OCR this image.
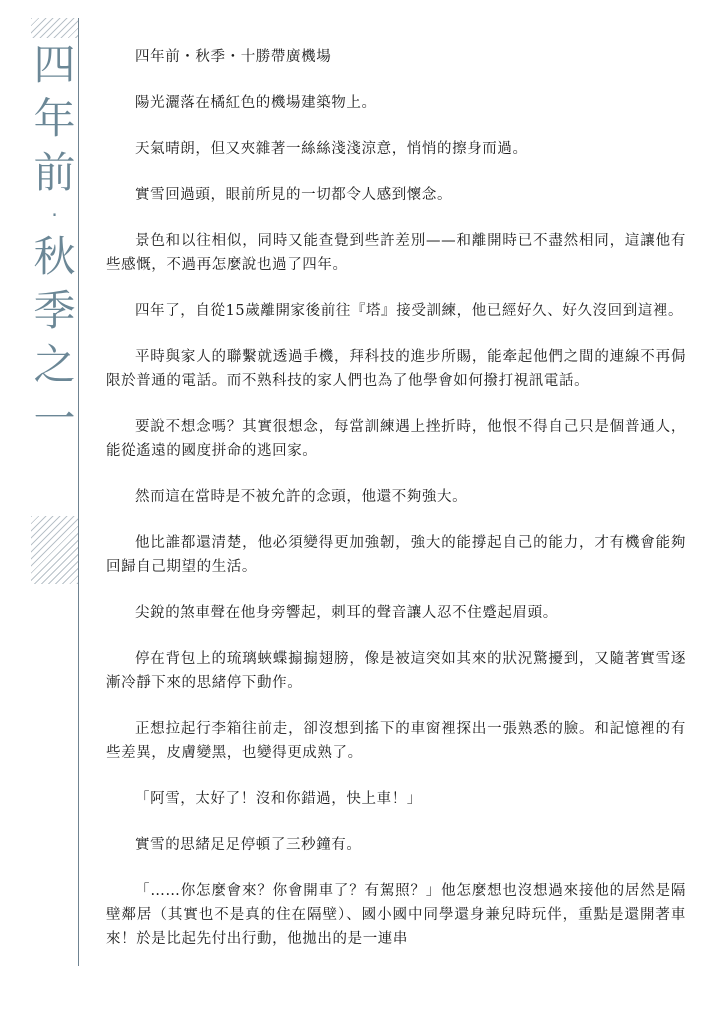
四
年
前
·
秋
季
之
一

四年前・秋季・十勝帶廣機場

陽光灑落在橘紅色的機場建築物上。

天氣晴朗，但又夾雜著一絲絲淺淺涼意，悄悄的擦身而過。

實雪回過頭，眼前所見的一切都令人感到懷念。

景色和以往相似，同時又能查覺到些許差別——和離開時已不盡然相同，這讓他有些感慨，不過再怎麼說也過了四年。

四年了，自從15歲離開家後前往『塔』接受訓練，他已經好久、好久沒回到這裡。

平時與家人的聯繫就透過手機，拜科技的進步所賜，能牽起他們之間的連線不再侷限於普通的電話。而不熟科技的家人們也為了他學會如何撥打視訊電話。

要說不想念嗎？其實很想念，每當訓練遇上挫折時，他恨不得自己只是個普通人，能從遙遠的國度拼命的逃回家。

然而這在當時是不被允許的念頭，他還不夠強大。

他比誰都還清楚，他必須變得更加強韌，強大的能撐起自己的能力，才有機會能夠回歸自己期望的生活。

尖銳的煞車聲在他身旁響起，刺耳的聲音讓人忍不住蹙起眉頭。

停在背包上的琉璃蛺蝶搧搧翅膀，像是被這突如其來的狀況驚擾到，又隨著實雪逐漸冷靜下來的思緒停下動作。

正想拉起行李箱往前走，卻沒想到搖下的車窗裡探出一張熟悉的臉。和記憶裡的有些差異，皮膚變黑，也變得更成熟了。

「阿雪，太好了！沒和你錯過，快上車！」

實雪的思緒足足停頓了三秒鐘有。

「……你怎麼會來？你會開車了？有駕照？」他怎麼想也沒想過來接他的居然是隔壁鄰居（其實也不是真的住在隔壁）、國小國中同學還身兼兒時玩伴，重點是還開著車來！於是比起先付出行動，他拋出的是一連串
